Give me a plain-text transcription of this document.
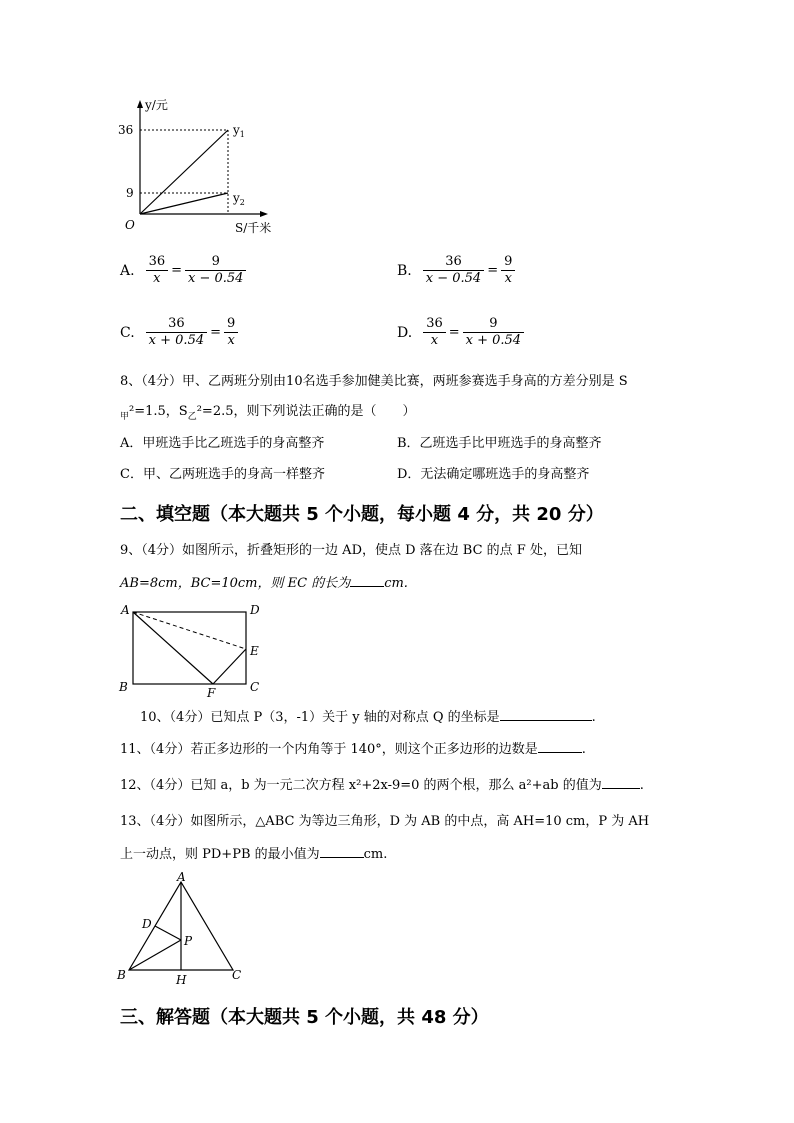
y/元
36
9
O	S/千米
$y_1$
$y_2$
A. $\frac{36}{x} = \frac{9}{x - 0.54}$	B. $\frac{36}{x - 0.54} = \frac{9}{x}$
C. $\frac{36}{x + 0.54} = \frac{9}{x}$	D. $\frac{36}{x} = \frac{9}{x + 0.54}$
8、（4分）甲、乙两班分别由10名选手参加健美比赛，两班参赛选手身高的方差分别是 S
$_甲$²=1.5，$S_乙^2=2.5$，则下列说法正确的是（　　）
A．甲班选手比乙班选手的身高整齐	B．乙班选手比甲班选手的身高整齐
C．甲、乙两班选手的身高一样整齐	D．无法确定哪班选手的身高整齐
二、填空题（本大题共 5 个小题，每小题 4 分，共 20 分）
9、（4分）如图所示，折叠矩形的一边 AD，使点 D 落在边 BC 的点 F 处，已知
AB=8cm，BC=10cm，则 EC 的长为	cm.
A	D
E
B	F	C
10、（4分）已知点 P（3，-1）关于 y 轴的对称点 Q 的坐标是	.
11、（4分）若正多边形的一个内角等于 140°，则这个正多边形的边数是	.
12、（4分）已知 a，b 为一元二次方程 x²+2x-9=0 的两个根，那么 a²+ab 的值为	.
13、（4分）如图所示，△ABC 为等边三角形，D 为 AB 的中点，高 AH=10 cm，P 为 AH
上一动点，则 PD+PB 的最小值为	cm.
A
D
P
B	H	C
三、解答题（本大题共 5 个小题，共 48 分）
